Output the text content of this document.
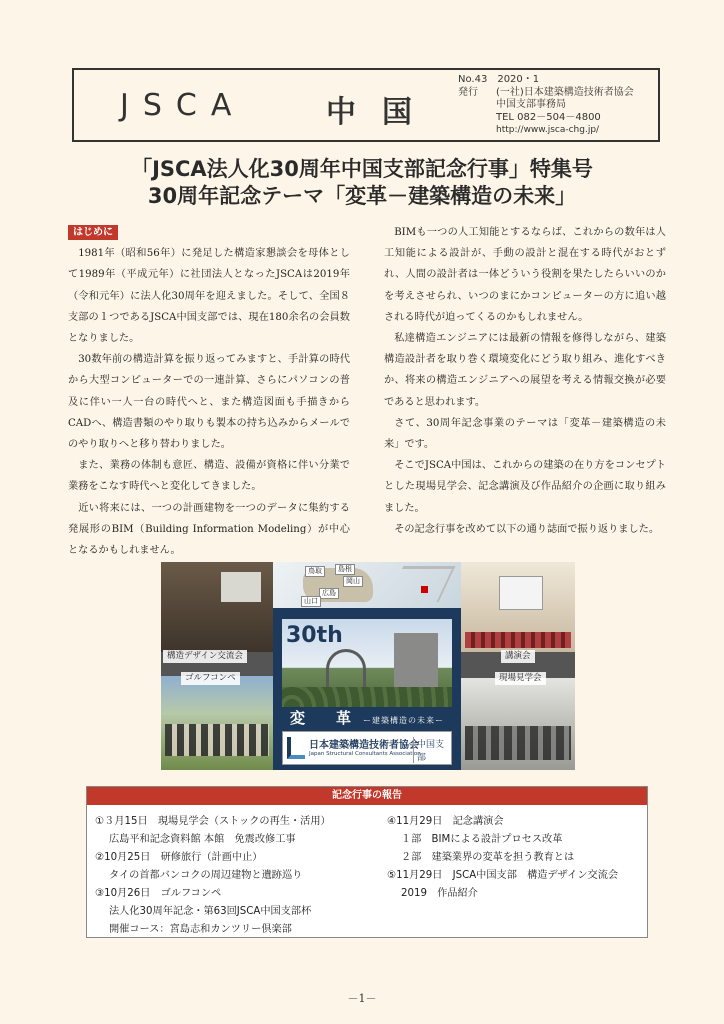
JSCA	中国
No.43　2020・1
発行	(一社)日本建築構造技術者協会
中国支部事務局
TEL 082－504－4800
http://www.jsca-chg.jp/
「JSCA法人化30周年中国支部記念行事」特集号
30周年記念テーマ「変革－建築構造の未来」
はじめに

1981年（昭和56年）に発足した構造家懇談会を母体として1989年（平成元年）に社団法人となったJSCAは2019年（令和元年）に法人化30周年を迎えました。そして、全国８支部の１つであるJSCA中国支部では、現在180余名の会員数となりました。

30数年前の構造計算を振り返ってみますと、手計算の時代から大型コンピューターでの一連計算、さらにパソコンの普及に伴い一人一台の時代へと、また構造図面も手描きからCADへ、構造書類のやり取りも製本の持ち込みからメールでのやり取りへと移り替わりました。

また、業務の体制も意匠、構造、設備が資格に伴い分業で業務をこなす時代へと変化してきました。

近い将来には、一つの計画建物を一つのデータに集約する発展形のBIM（Building Information Modeling）が中心となるかもしれません。

BIMも一つの人工知能とするならば、これからの数年は人工知能による設計が、手動の設計と混在する時代がおとずれ、人間の設計者は一体どういう役割を果たしたらいいのかを考えさせられ、いつのまにかコンピューターの方に追い越される時代が迫ってくるのかもしれません。

私達構造エンジニアには最新の情報を修得しながら、建築構造設計者を取り巻く環境変化にどう取り組み、進化すべきか、将来の構造エンジニアへの展望を考える情報交換が必要であると思われます。

さて、30周年記念事業のテーマは「変革－建築構造の未来」です。

そこでJSCA中国は、これからの建築の在り方をコンセプトとした現場見学会、記念講演及び作品紹介の企画に取り組みました。

その記念行事を改めて以下の通り誌面で振り返りました。

鳥取	島根
岡山
広島
山口
30th
変　革 ー建築構造の未来ー
日本建築構造技術者協会
Japan Structural Consultants Association
中国支部
構造デザイン交流会
ゴルフコンペ
講演会
現場見学会
記念行事の報告
①３月15日　現場見学会（ストックの再生・活用）
広島平和記念資料館 本館　免震改修工事
②10月25日　研修旅行（計画中止）
タイの首都バンコクの周辺建物と遺跡巡り
③10月26日　ゴルフコンペ
法人化30周年記念・第63回JSCA中国支部杯
開催コース：宮島志和カンツリー倶楽部
④11月29日　記念講演会
１部　BIMによる設計プロセス改革
２部　建築業界の変革を担う教育とは
⑤11月29日　JSCA中国支部　構造デザイン交流会
2019　作品紹介
－1－
